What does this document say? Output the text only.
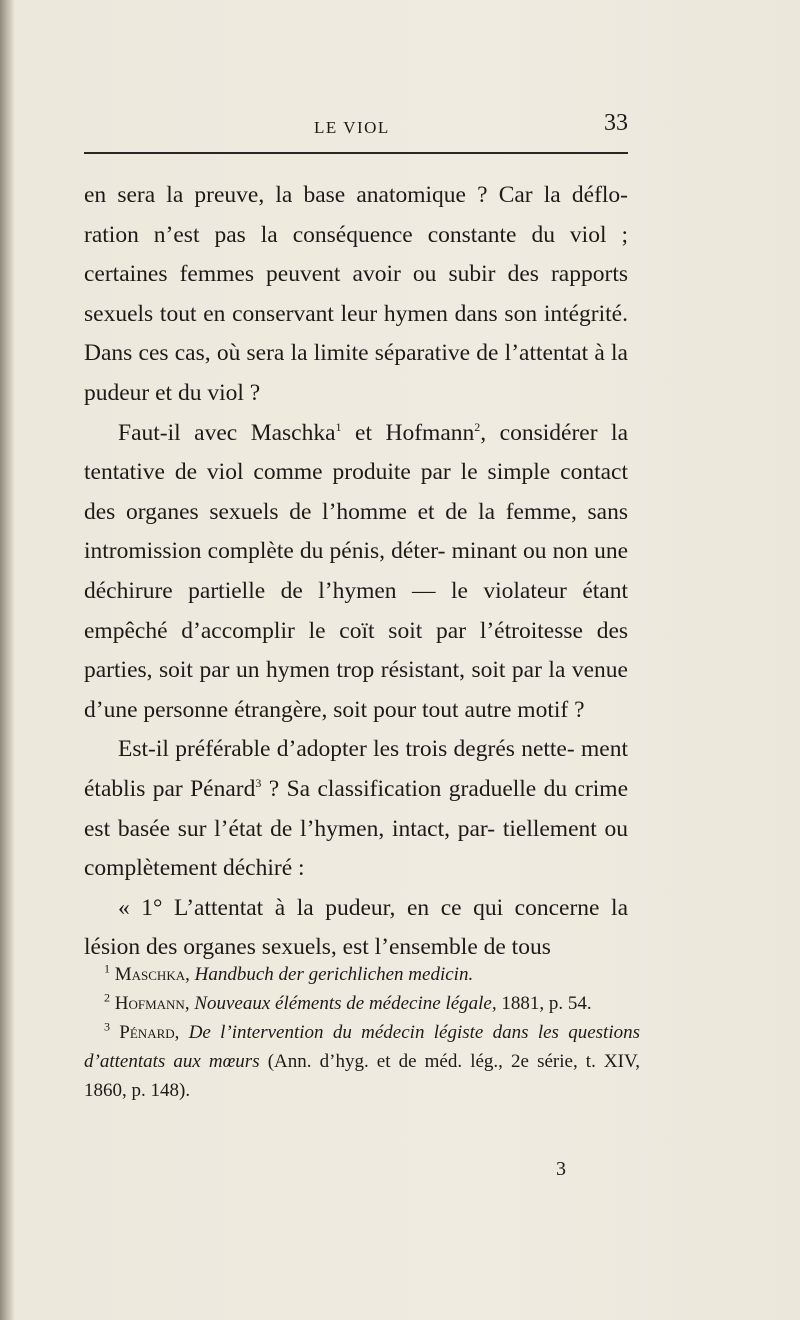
LE VIOL	33

en sera la preuve, la base anatomique ? Car la déflo- ration n’est pas la conséquence constante du viol ; certaines femmes peuvent avoir ou subir des rapports sexuels tout en conservant leur hymen dans son intégrité. Dans ces cas, où sera la limite séparative de l’attentat à la pudeur et du viol ?

Faut-il avec Maschka$^1$ et Hofmann$^2$, considérer la tentative de viol comme produite par le simple contact des organes sexuels de l’homme et de la femme, sans intromission complète du pénis, déter- minant ou non une déchirure partielle de l’hymen — le violateur étant empêché d’accomplir le coït soit par l’étroitesse des parties, soit par un hymen trop résistant, soit par la venue d’une personne étrangère, soit pour tout autre motif ?

Est-il préférable d’adopter les trois degrés nette- ment établis par Pénard$^3$ ? Sa classification graduelle du crime est basée sur l’état de l’hymen, intact, par- tiellement ou complètement déchiré :

« 1° L’attentat à la pudeur, en ce qui concerne la lésion des organes sexuels, est l’ensemble de tous

$^1$ Maschka, Handbuch der gerichlichen medicin.

$^2$ Hofmann, Nouveaux éléments de médecine légale, 1881, p. 54.

$^3$ Pénard, De l’intervention du médecin légiste dans les questions d’attentats aux mœurs (Ann. d’hyg. et de méd. lég., 2e série, t. XIV, 1860, p. 148).

3
